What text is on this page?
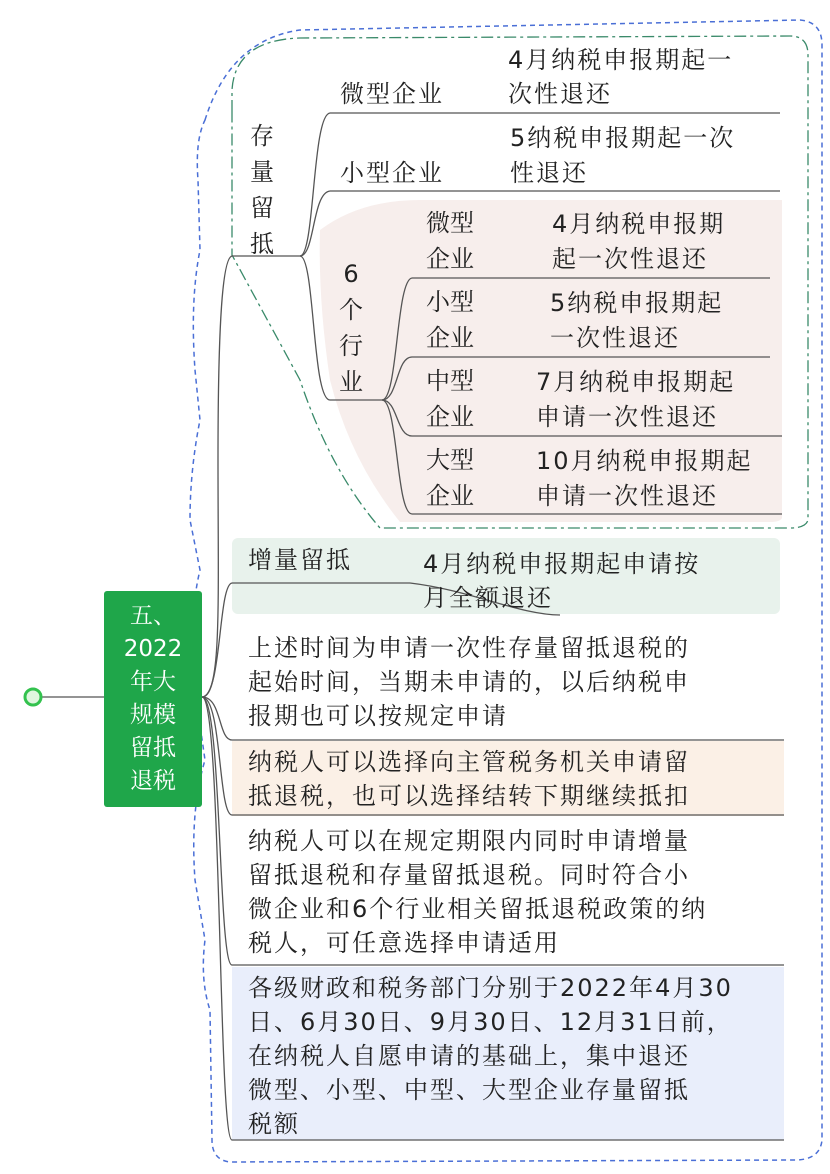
五、
2022
年大
规模
留抵
退税
存
量
留
抵
微型企业
4月纳税申报期起一
次性退还
小型企业
5纳税申报期起一次
性退还
6
个
行
业
微型
企业
4月纳税申报期
起一次性退还
小型
企业
5纳税申报期起
一次性退还
中型
企业
7月纳税申报期起
申请一次性退还
大型
企业
10月纳税申报期起
申请一次性退还
增量留抵	4月纳税申报期起申请按
月全额退还
上述时间为申请一次性存量留抵退税的
起始时间，当期未申请的，以后纳税申
报期也可以按规定申请
纳税人可以选择向主管税务机关申请留
抵退税，也可以选择结转下期继续抵扣
纳税人可以在规定期限内同时申请增量
留抵退税和存量留抵退税。同时符合小
微企业和6个行业相关留抵退税政策的纳
税人，可任意选择申请适用
各级财政和税务部门分别于2022年4月30
日、6月30日、9月30日、12月31日前，
在纳税人自愿申请的基础上，集中退还
微型、小型、中型、大型企业存量留抵
税额
